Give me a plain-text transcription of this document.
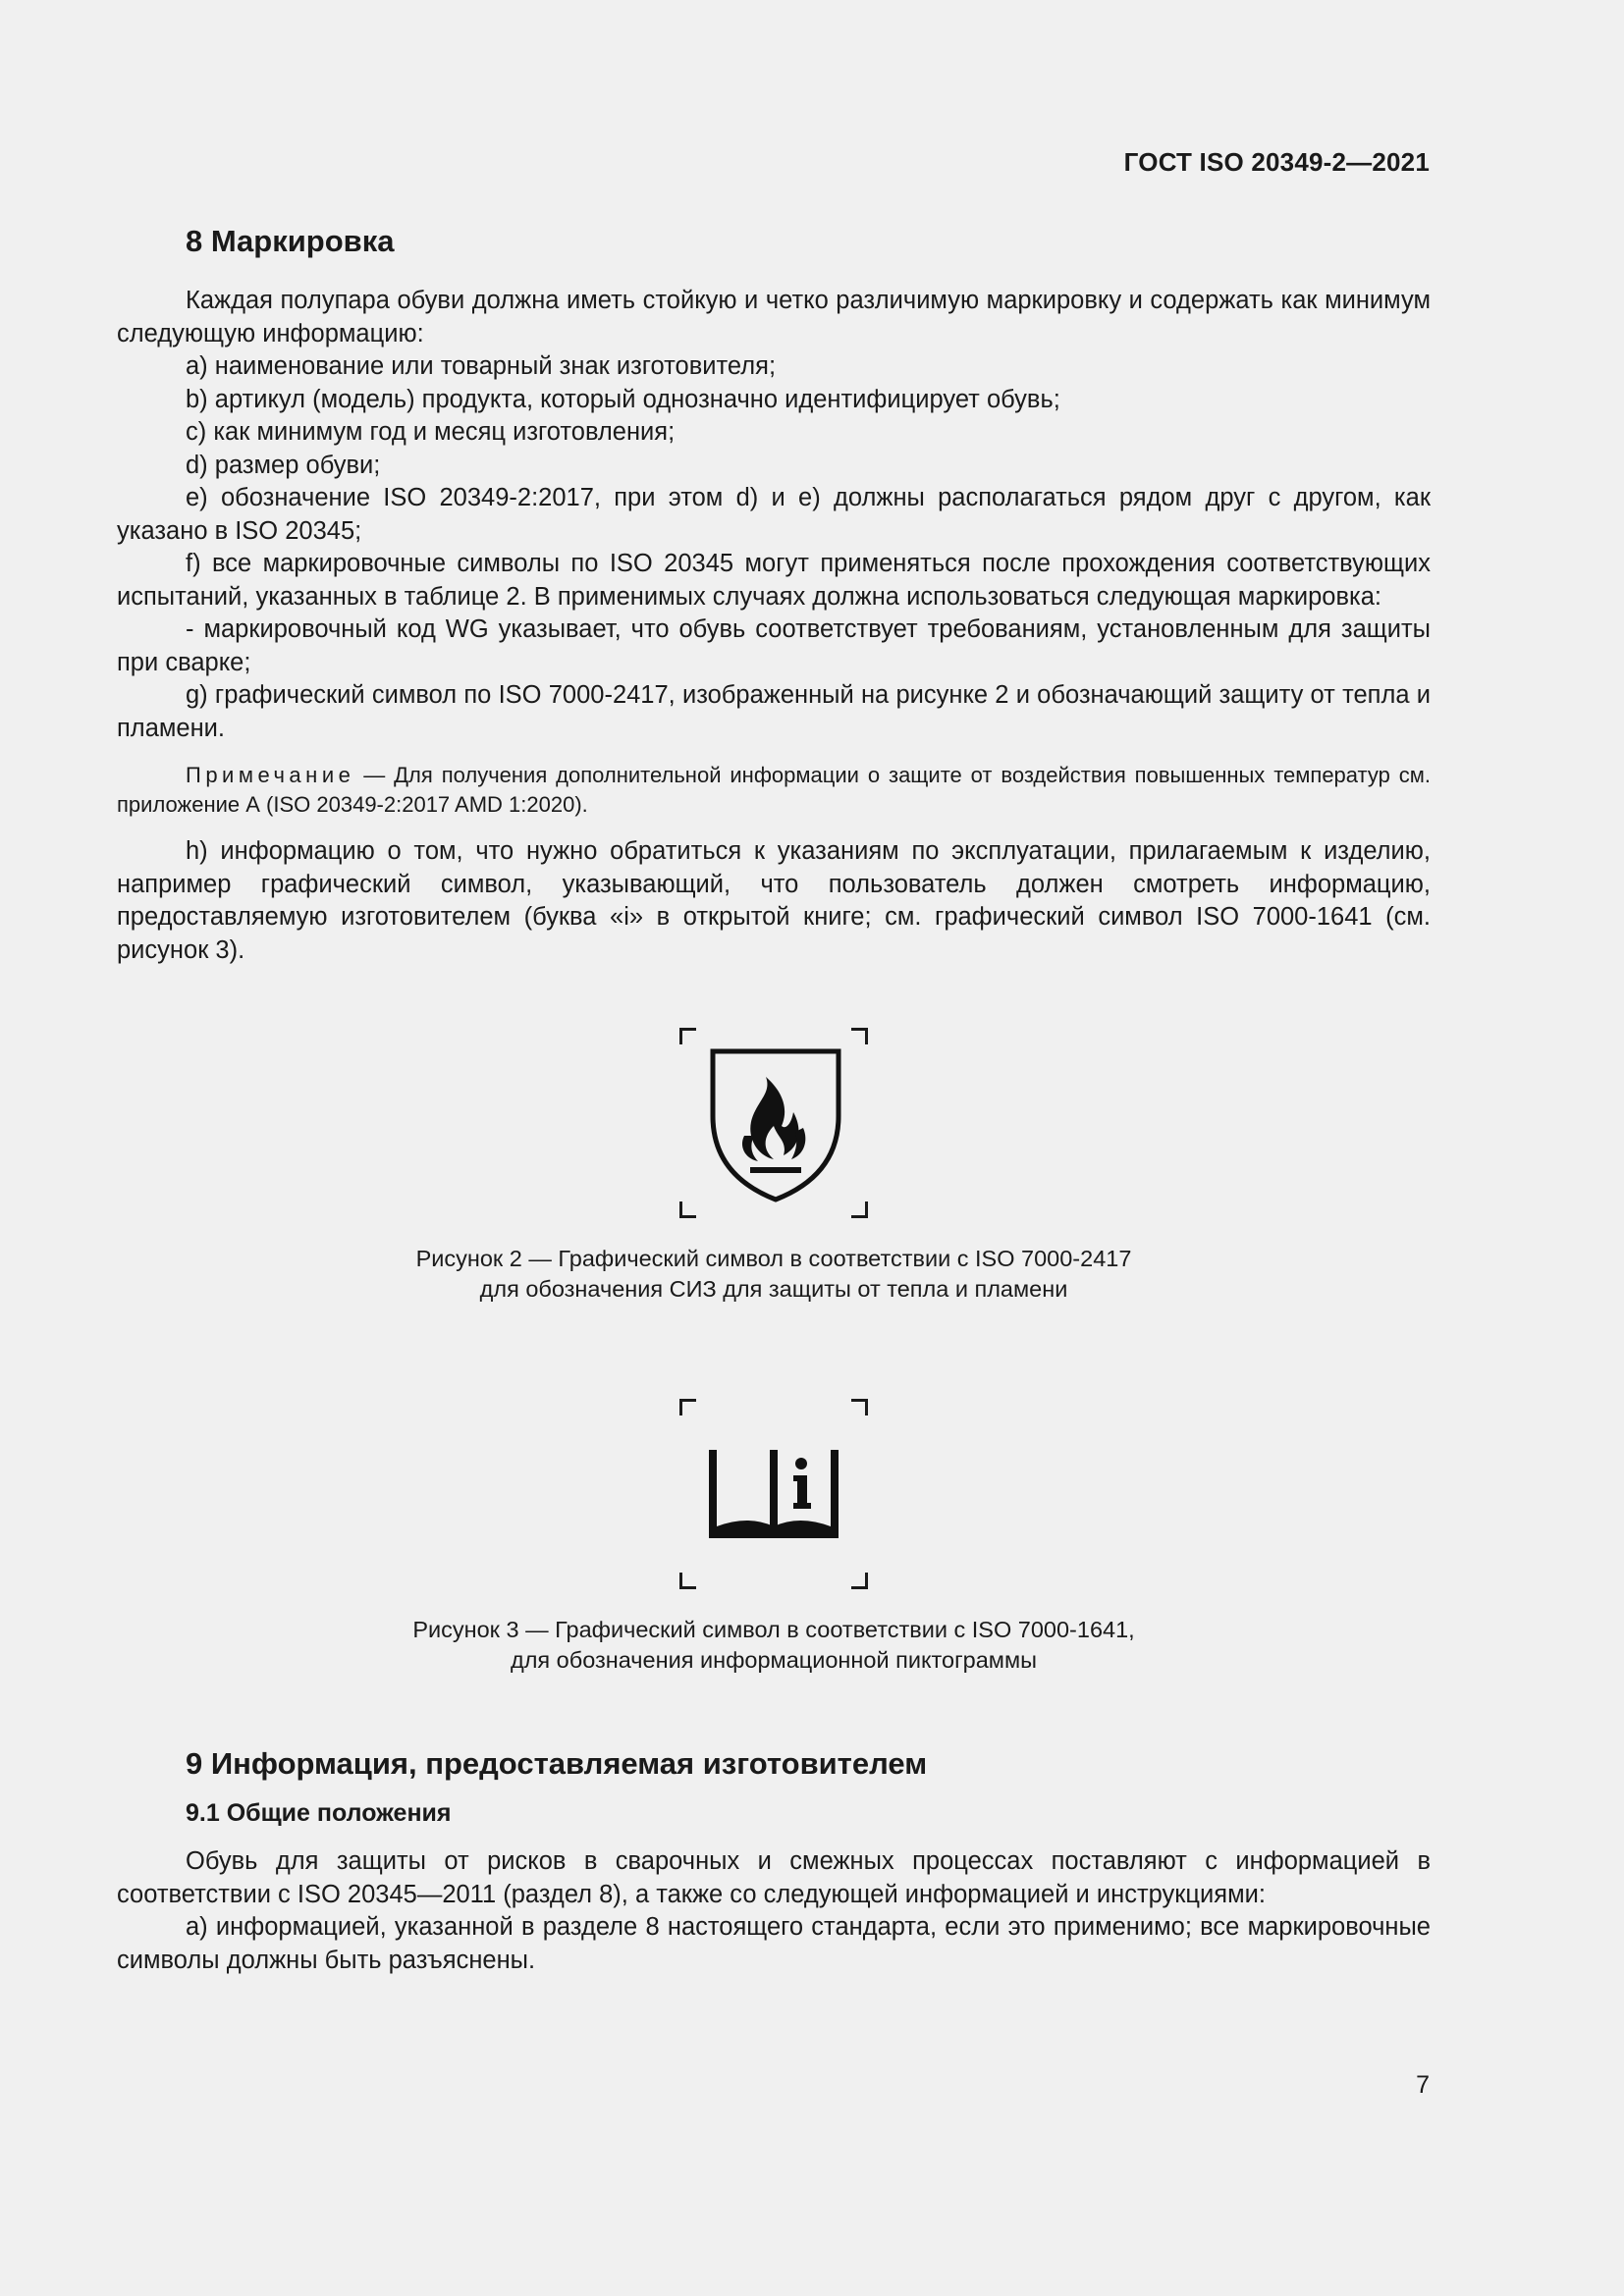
ГОСТ ISO 20349-2—2021
8 Маркировка

Каждая полупара обуви должна иметь стойкую и четко различимую маркировку и содержать как минимум следующую информацию:

a) наименование или товарный знак изготовителя;

b) артикул (модель) продукта, который однозначно идентифицирует обувь;

c) как минимум год и месяц изготовления;

d) размер обуви;

e) обозначение ISO 20349-2:2017, при этом d) и е) должны располагаться рядом друг с другом, как указано в ISO 20345;

f) все маркировочные символы по ISO 20345 могут применяться после прохождения соответствующих испытаний, указанных в таблице 2. В применимых случаях должна использоваться следующая маркировка:

- маркировочный код WG указывает, что обувь соответствует требованиям, установленным для защиты при сварке;

g) графический символ по ISO 7000-2417, изображенный на рисунке 2 и обозначающий защиту от тепла и пламени.

Примечание — Для получения дополнительной информации о защите от воздействия повышенных температур см. приложение А (ISO 20349-2:2017 AMD 1:2020).

h) информацию о том, что нужно обратиться к указаниям по эксплуатации, прилагаемым к изделию, например графический символ, указывающий, что пользователь должен смотреть информацию, предоставляемую изготовителем (буква «i» в открытой книге; см. графический символ ISO 7000-1641 (см. рисунок 3).

Рисунок 2 — Графический символ в соответствии с ISO 7000-2417
для обозначения СИЗ для защиты от тепла и пламени
Рисунок 3 — Графический символ в соответствии с ISO 7000-1641,
для обозначения информационной пиктограммы
9 Информация, предоставляемая изготовителем
9.1 Общие положения

Обувь для защиты от рисков в сварочных и смежных процессах поставляют с информацией в соответствии с ISO 20345—2011 (раздел 8), а также со следующей информацией и инструкциями:

a) информацией, указанной в разделе 8 настоящего стандарта, если это применимо; все маркировочные символы должны быть разъяснены.

7
